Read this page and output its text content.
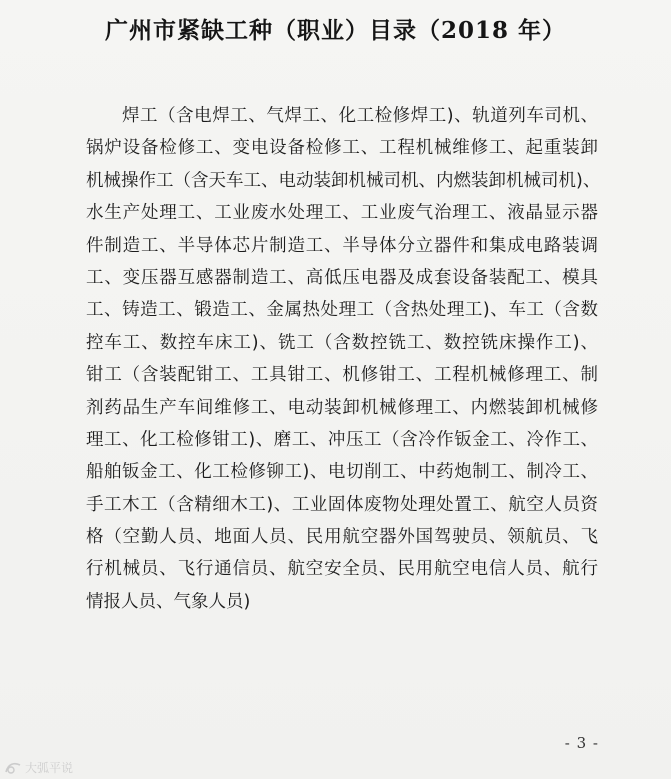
广州市紧缺工种（职业）目录（2018 年）
焊工（含电焊工、气焊工、化工检修焊工)、轨道列车司机、
锅炉设备检修工、变电设备检修工、工程机械维修工、起重装卸
机械操作工（含天车工、电动装卸机械司机、内燃装卸机械司机)、
水生产处理工、工业废水处理工、工业废气治理工、液晶显示器
件制造工、半导体芯片制造工、半导体分立器件和集成电路装调
工、变压器互感器制造工、高低压电器及成套设备装配工、模具
工、铸造工、锻造工、金属热处理工（含热处理工)、车工（含数
控车工、数控车床工)、铣工（含数控铣工、数控铣床操作工)、
钳工（含装配钳工、工具钳工、机修钳工、工程机械修理工、制
剂药品生产车间维修工、电动装卸机械修理工、内燃装卸机械修
理工、化工检修钳工)、磨工、冲压工（含冷作钣金工、冷作工、
船舶钣金工、化工检修铆工)、电切削工、中药炮制工、制冷工、
手工木工（含精细木工)、工业固体废物处理处置工、航空人员资
格（空勤人员、地面人员、民用航空器外国驾驶员、领航员、飞
行机械员、飞行通信员、航空安全员、民用航空电信人员、航行
情报人员、气象人员)
- 3 -
大弧平说
